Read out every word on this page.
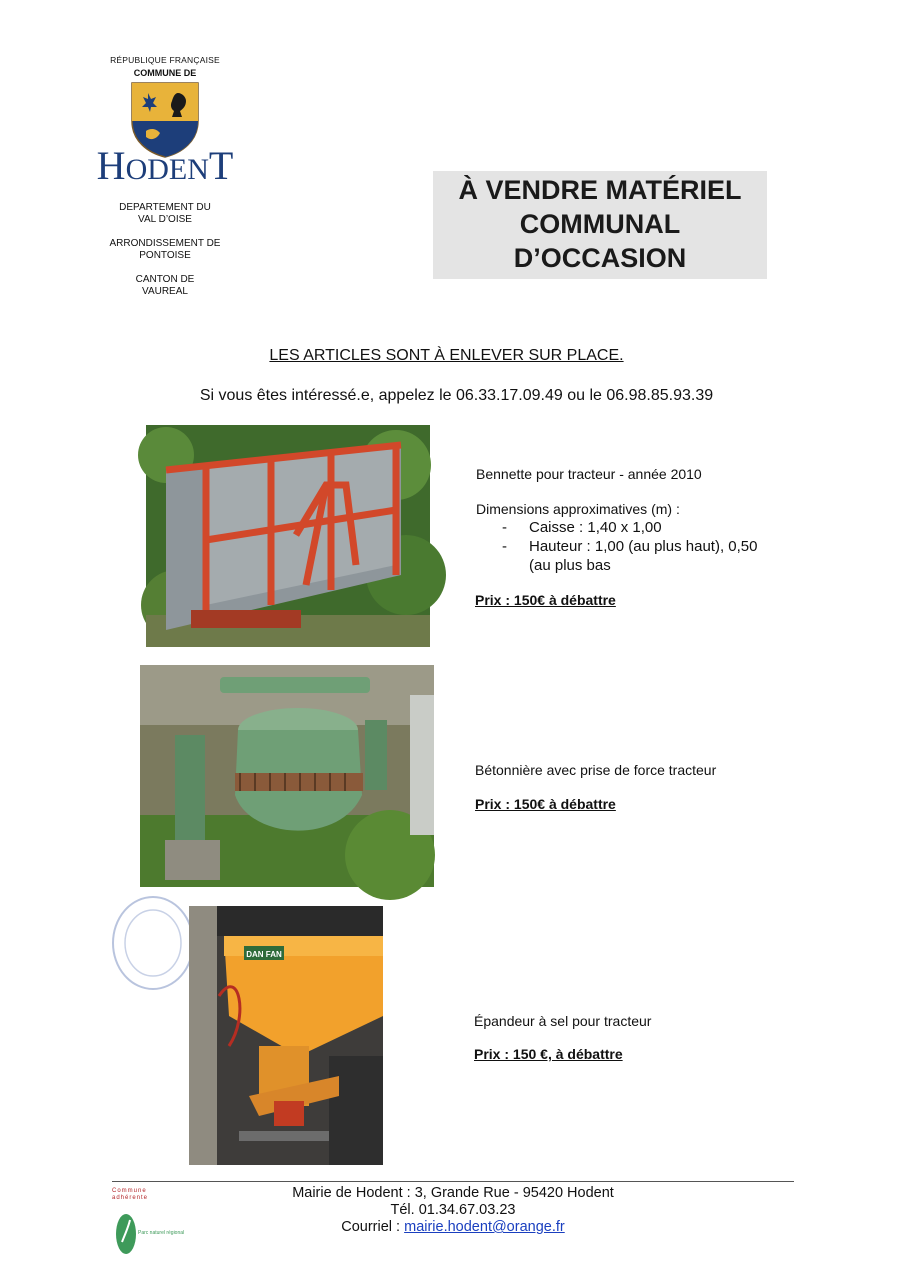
RÉPUBLIQUE FRANÇAISE
COMMUNE DE
HODENT
DEPARTEMENT DU
VAL D’OISE
ARRONDISSEMENT DE
PONTOISE
CANTON DE
VAUREAL
À VENDRE MATÉRIEL
COMMUNAL
D’OCCASION
LES ARTICLES SONT À ENLEVER SUR PLACE.
Si vous êtes intéressé.e, appelez le 06.33.17.09.49 ou le 06.98.85.93.39
Bennette pour tracteur - année 2010
Dimensions approximatives (m) :
- Caisse : 1,40 x 1,00
- Hauteur : 1,00 (au plus haut), 0,50
(au plus bas
Prix : 150€ à débattre
Bétonnière avec prise de force tracteur
Prix : 150€ à débattre
DAN FAN
Épandeur à sel pour tracteur
Prix : 150 €, à débattre
Commune
adhérente
Parc naturel régional
Mairie de Hodent : 3, Grande Rue - 95420 Hodent
Tél. 01.34.67.03.23
Courriel : mairie.hodent@orange.fr
